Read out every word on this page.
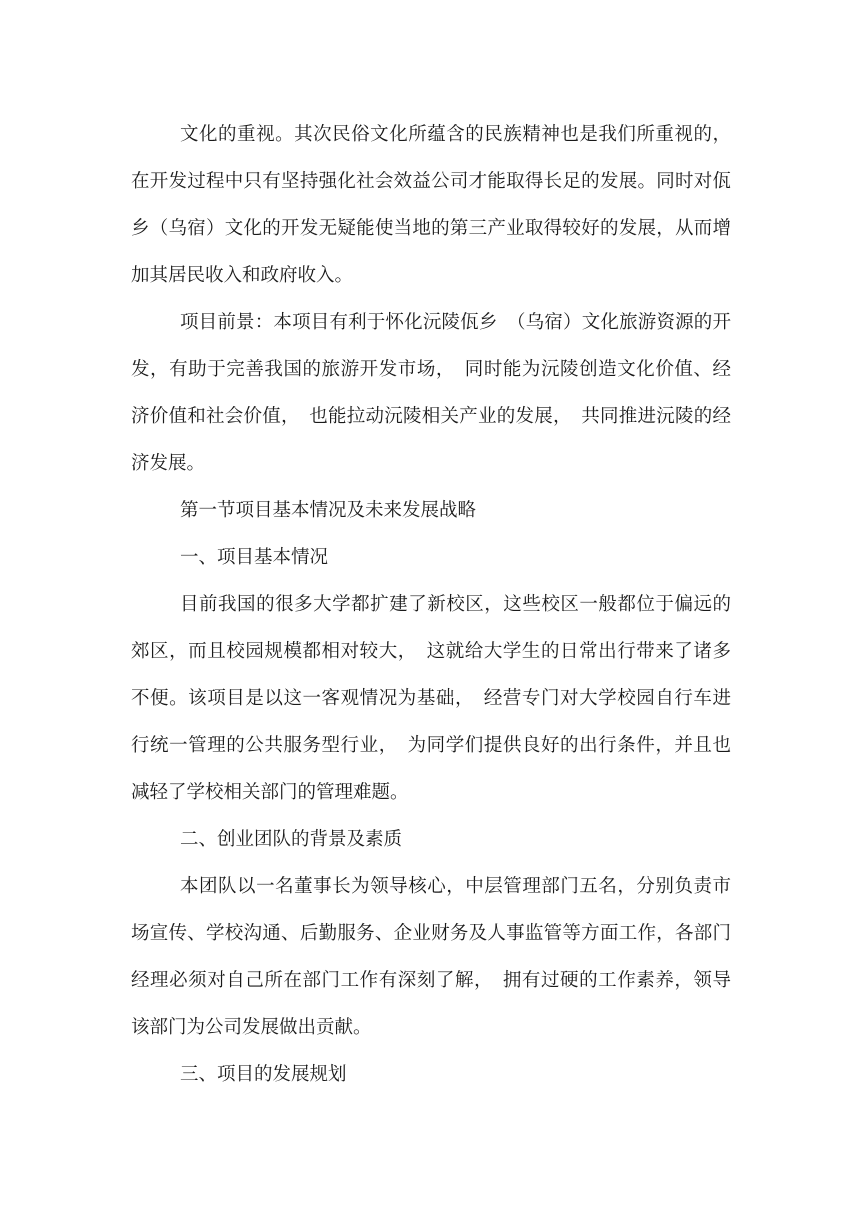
文化的重视。其次民俗文化所蕴含的民族精神也是我们所重视的，在开发过程中只有坚持强化社会效益公司才能取得长足的发展。同时对佤乡（乌宿）文化的开发无疑能使当地的第三产业取得较好的发展，从而增加其居民收入和政府收入。

项目前景：本项目有利于怀化沅陵佤乡　（乌宿）文化旅游资源的开发，有助于完善我国的旅游开发市场，　同时能为沅陵创造文化价值、经济价值和社会价值，　也能拉动沅陵相关产业的发展，　共同推进沅陵的经济发展。

第一节项目基本情况及未来发展战略

一、项目基本情况

目前我国的很多大学都扩建了新校区，这些校区一般都位于偏远的郊区，而且校园规模都相对较大，　这就给大学生的日常出行带来了诸多不便。该项目是以这一客观情况为基础，　经营专门对大学校园自行车进行统一管理的公共服务型行业，　为同学们提供良好的出行条件，并且也减轻了学校相关部门的管理难题。

二、创业团队的背景及素质

本团队以一名董事长为领导核心，中层管理部门五名，分别负责市场宣传、学校沟通、后勤服务、企业财务及人事监管等方面工作，各部门经理必须对自己所在部门工作有深刻了解，　拥有过硬的工作素养，领导该部门为公司发展做出贡献。

三、项目的发展规划
